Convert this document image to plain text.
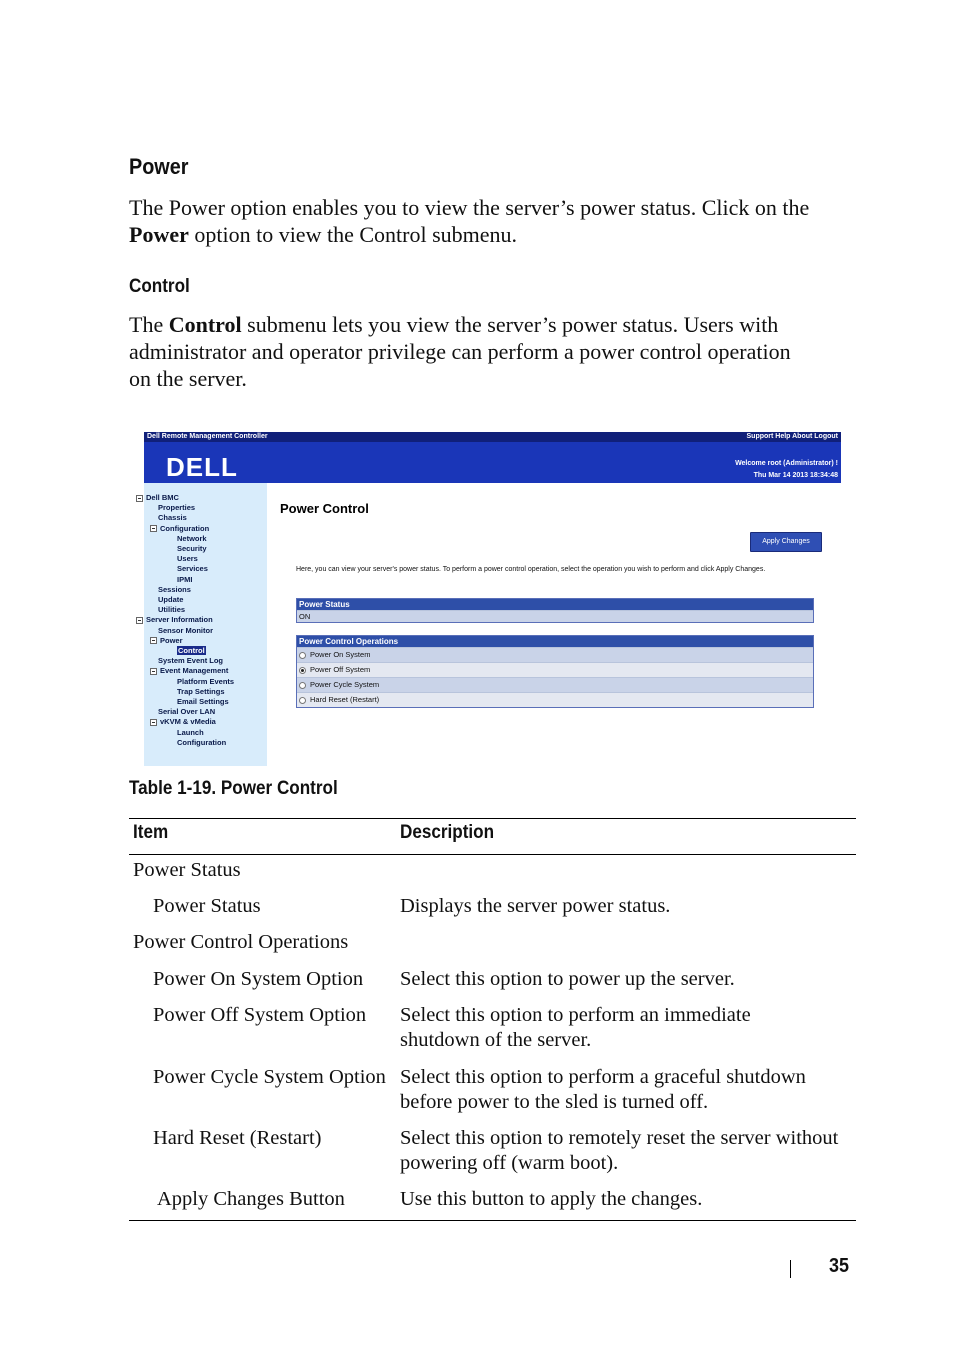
Power
The Power option enables you to view the server’s power status. Click on the
Power option to view the Control submenu.
Control
The Control submenu lets you view the server’s power status. Users with
administrator and operator privilege can perform a power control operation
on the server.
Dell Remote Management Controller	Support Help About Logout
DELL	Welcome root (Administrator) !
Thu Mar 14 2013 18:34:48
Dell BMC
Properties
Chassis
Configuration
Network
Security
Users
Services
IPMI
Sessions
Update
Utilities
Server Information
Sensor Monitor
Power
Control
System Event Log
Event Management
Platform Events
Trap Settings
Email Settings
Serial Over LAN
vKVM & vMedia
Launch
Configuration
Power Control
Apply Changes
Here, you can view your server's power status. To perform a power control operation, select the operation you wish to perform and click Apply Changes.
Power Status
ON
Power Control Operations
Power On System
Power Off System
Power Cycle System
Hard Reset (Restart)
Table 1-19. Power Control
Item	Description
Power Status
Power Status	Displays the server power status.
Power Control Operations
Power On System Option Select this option to power up the server.
Power Off System Option Select this option to perform an immediate
shutdown of the server.
Power Cycle System Option Select this option to perform a graceful shutdown
before power to the sled is turned off.
Hard Reset (Restart)	Select this option to remotely reset the server without
powering off (warm boot).
Apply Changes Button	Use this button to apply the changes.
35
